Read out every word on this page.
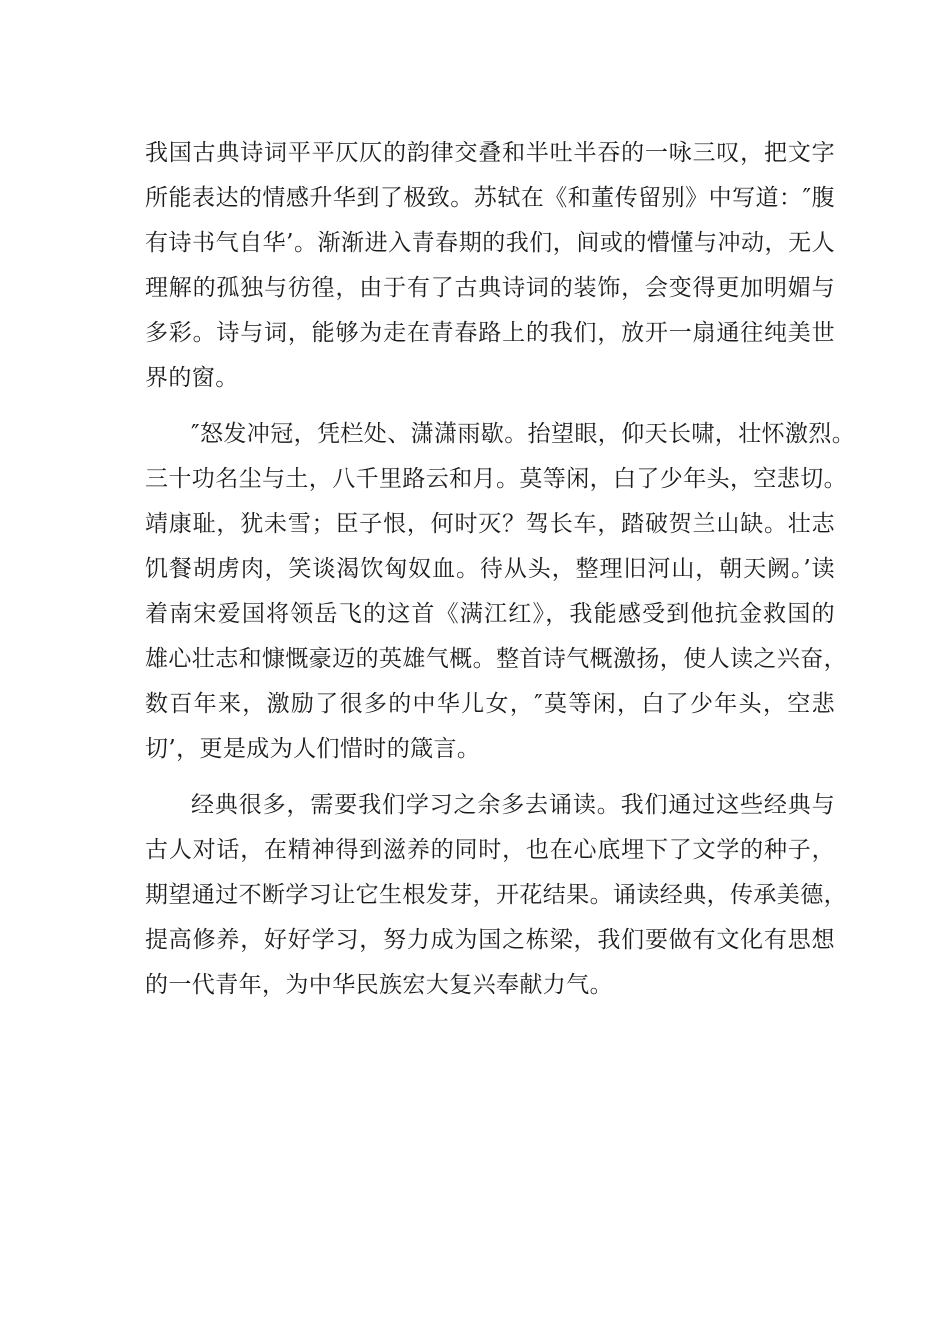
我国古典诗词平平仄仄的韵律交叠和半吐半吞的一咏三叹，把文字
所能表达的情感升华到了极致。苏轼在《和董传留别》中写道：″腹
有诗书气自华’。渐渐进入青春期的我们，间或的懵懂与冲动，无人
理解的孤独与彷徨，由于有了古典诗词的装饰，会变得更加明媚与
多彩。诗与词，能够为走在青春路上的我们，放开一扇通往纯美世
界的窗。
″怒发冲冠，凭栏处、潇潇雨歇。抬望眼，仰天长啸，壮怀激烈。
三十功名尘与土，八千里路云和月。莫等闲，白了少年头，空悲切。
靖康耻，犹未雪；臣子恨，何时灭？驾长车，踏破贺兰山缺。壮志
饥餐胡虏肉，笑谈渴饮匈奴血。待从头，整理旧河山，朝天阙。’读
着南宋爱国将领岳飞的这首《满江红》，我能感受到他抗金救国的
雄心壮志和慷慨豪迈的英雄气概。整首诗气概激扬，使人读之兴奋，
数百年来，激励了很多的中华儿女，″莫等闲，白了少年头，空悲
切’，更是成为人们惜时的箴言。
经典很多，需要我们学习之余多去诵读。我们通过这些经典与
古人对话，在精神得到滋养的同时，也在心底埋下了文学的种子，
期望通过不断学习让它生根发芽，开花结果。诵读经典，传承美德，
提高修养，好好学习，努力成为国之栋梁，我们要做有文化有思想
的一代青年，为中华民族宏大复兴奉献力气。
